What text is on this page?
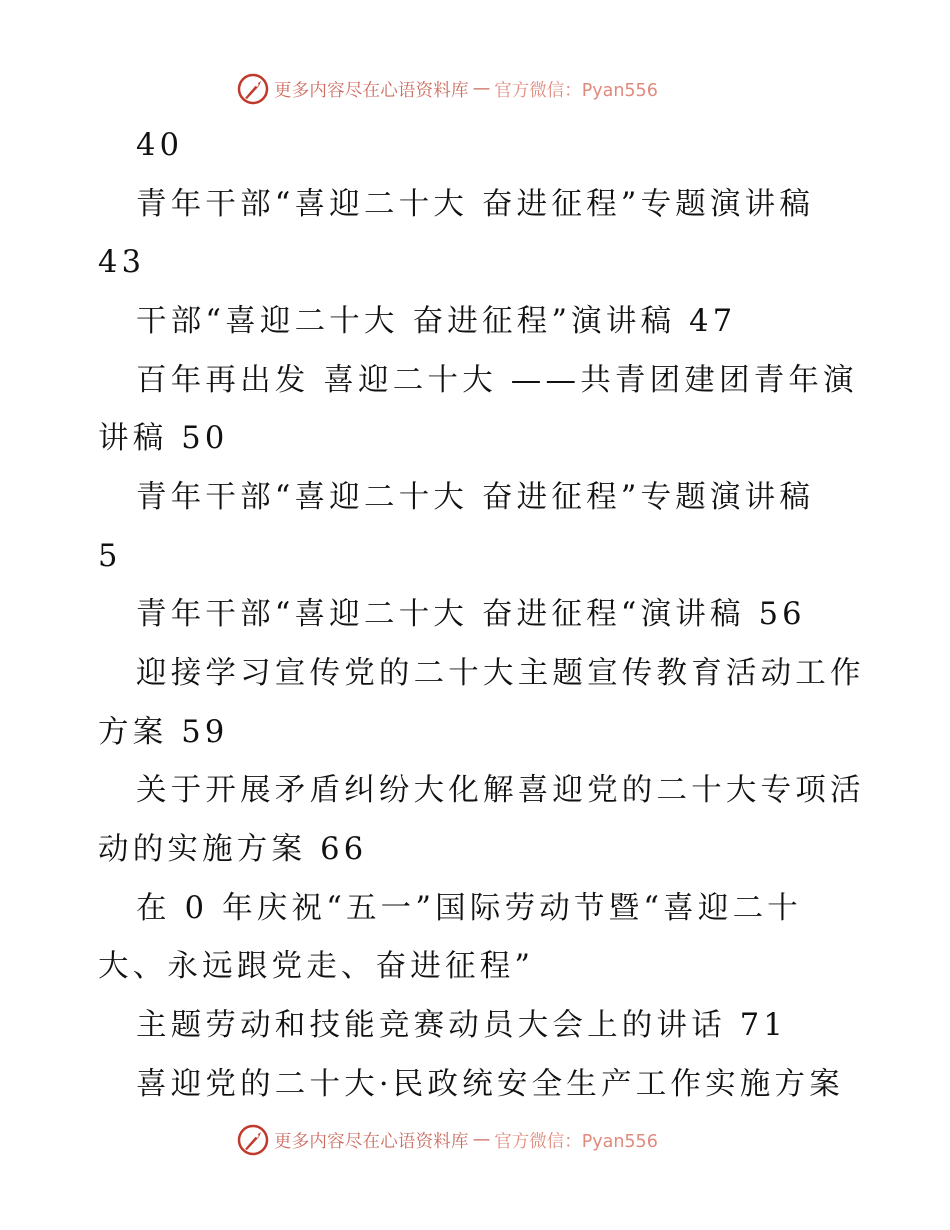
更多内容尽在心语资料库 — 官方微信：Pyan556
40
青年干部“喜迎二十大 奋进征程”专题演讲稿
43
干部“喜迎二十大 奋进征程”演讲稿 47
百年再出发 喜迎二十大 ——共青团建团青年演
讲稿 50
青年干部“喜迎二十大 奋进征程”专题演讲稿
5
青年干部“喜迎二十大 奋进征程“演讲稿 56
迎接学习宣传党的二十大主题宣传教育活动工作
方案 59
关于开展矛盾纠纷大化解喜迎党的二十大专项活
动的实施方案 66
在 0 年庆祝“五一”国际劳动节暨“喜迎二十
大、永远跟党走、奋进征程”
主题劳动和技能竞赛动员大会上的讲话 71
喜迎党的二十大·民政统安全生产工作实施方案
更多内容尽在心语资料库 — 官方微信：Pyan556
